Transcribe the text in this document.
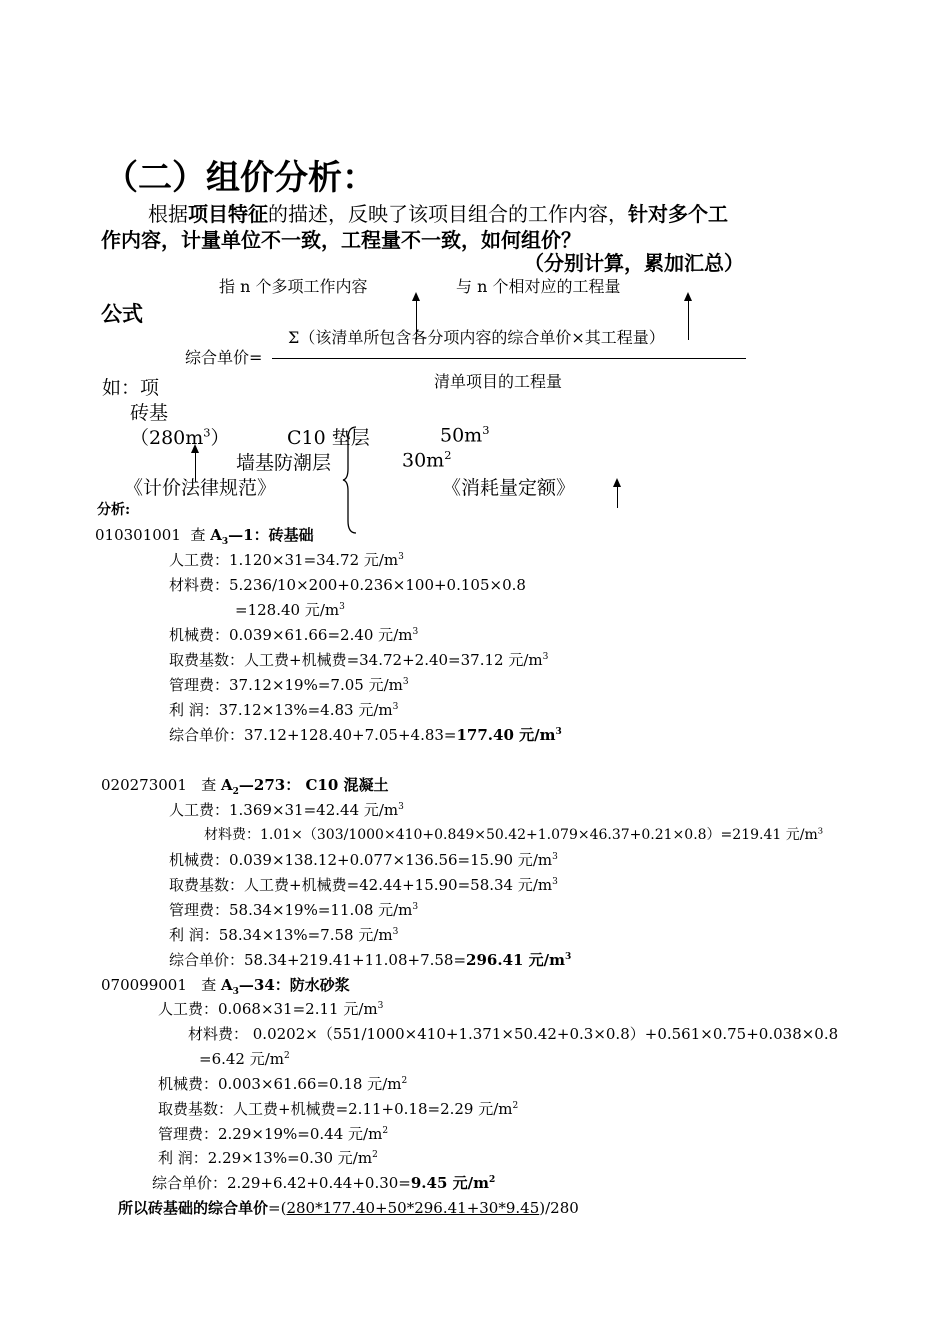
（二）组价分析：
根据项目特征的描述，反映了该项目组合的工作内容，针对多个工
作内容，计量单位不一致，工程量不一致，如何组价？
（分别计算，累加汇总）
指 n 个多项工作内容	与 n 个相对应的工程量
公式
Σ（该清单所包含各分项内容的综合单价×其工程量）
综合单价=
清单项目的工程量
如：项
砖基
$(280m^3)$	C10 垫层	$50m^3$
墙基防潮层	$30m^2$
《计价法律规范》	《消耗量定额》
分析:
010301001 查 $A_3—1$：砖基础
人工费：1.120×31=34.72 元$/m^3$
材料费：5.236/10×200+0.236×100+0.105×0.8
=128.40 元$/m^3$
机械费：0.039×61.66=2.40 元$/m^3$
取费基数：人工费+机械费=34.72+2.40=37.12 元$/m^3$
管理费：37.12×19%=7.05 元$/m^3$
利 润：37.12×13%=4.83 元$/m^3$
综合单价：37.12+128.40+7.05+4.83=177.40 元$/m^3$
020273001 查 $A_2—273$： C10 混凝土
人工费：1.369×31=42.44 元$/m^3$
材料费：1.01×（303/1000×410+0.849×50.42+1.079×46.37+0.21×0.8）=219.41 元$/m^3$
机械费：0.039×138.12+0.077×136.56=15.90 元$/m^3$
取费基数：人工费+机械费=42.44+15.90=58.34 元$/m^3$
管理费：58.34×19%=11.08 元$/m^3$
利 润：58.34×13%=7.58 元$/m^3$
综合单价：58.34+219.41+11.08+7.58=296.41 元$/m^3$
070099001 查 $A_3—34$：防水砂浆
人工费：0.068×31=2.11 元$/m^3$
材料费： 0.0202×（551/1000×410+1.371×50.42+0.3×0.8）+0.561×0.75+0.038×0.8
=6.42 元$/m^2$
机械费：0.003×61.66=0.18 元$/m^2$
取费基数：人工费+机械费=2.11+0.18=2.29 元$/m^2$
管理费：2.29×19%=0.44 元$/m^2$
利 润：2.29×13%=0.30 元$/m^2$
综合单价：2.29+6.42+0.44+0.30=9.45 元$/m^2$
所以砖基础的综合单价=(280*177.40+50*296.41+30*9.45)/280
